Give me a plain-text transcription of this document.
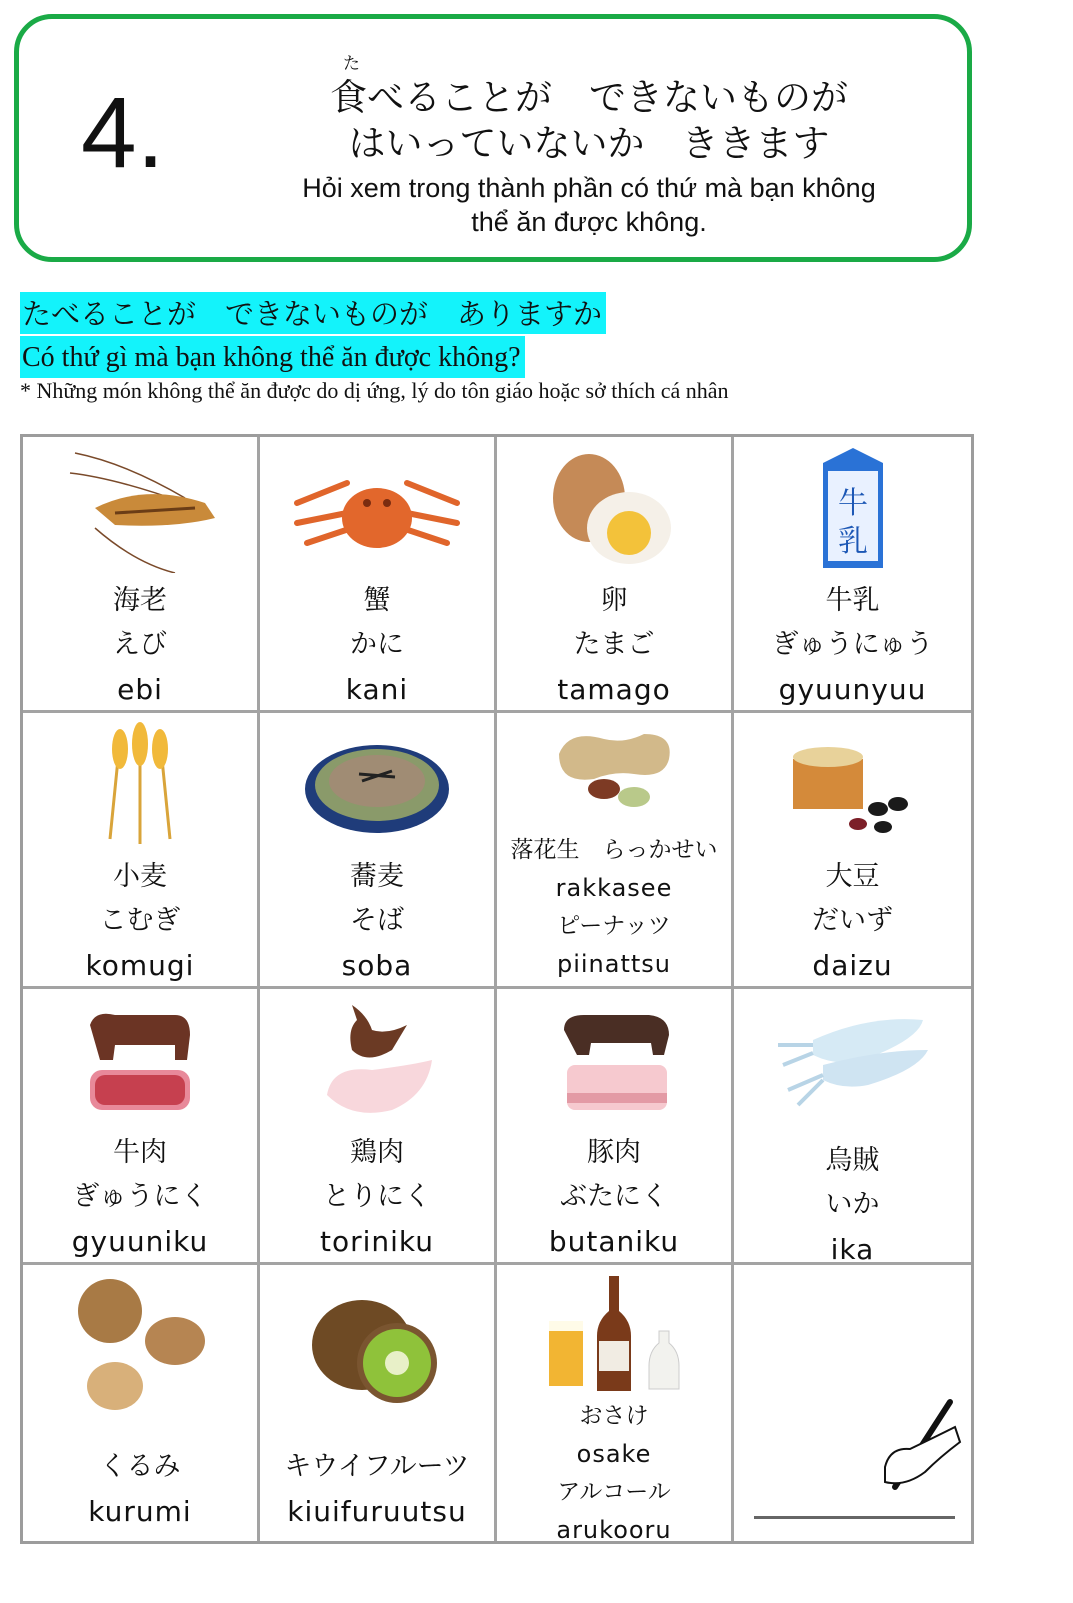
4.
た
食べることが　できないものが
はいっていないか　ききます
Hỏi xem trong thành phần có thứ mà bạn không
thể ăn được không.
たべることが　できないものが　ありますか
Có thứ gì mà bạn không thể ăn được không?
* Những món không thể ăn được do dị ứng, lý do tôn giáo hoặc sở thích cá nhân
海老
えび
ebi
蟹
かに
kani
卵
たまご
tamago
牛
乳
牛乳
ぎゅうにゅう
gyuunyuu
小麦
こむぎ
komugi
蕎麦
そば
soba
落花生　らっかせい
rakkasee
ピーナッツ
piinattsu
大豆
だいず
daizu
牛肉
ぎゅうにく
gyuuniku
鶏肉
とりにく
toriniku
豚肉
ぶたにく
butaniku
烏賊
いか
ika
くるみ
kurumi
キウイフルーツ
kiuifuruutsu
おさけ
osake
アルコール
arukooru
